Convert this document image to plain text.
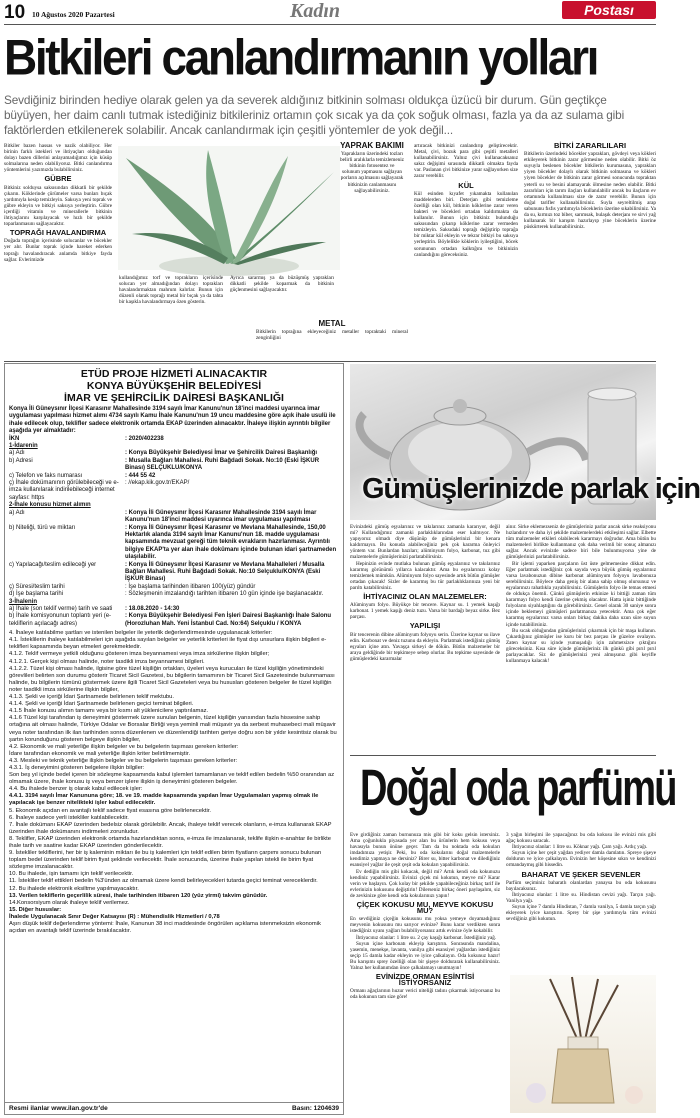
10 10 Ağustos 2020 Pazartesi	Kadın	Postası
Bitkileri canlandırmanın yolları
Sevdiğiniz birinden hediye olarak gelen ya da severek aldığınız bitkinin solması oldukça üzücü bir durum. Gün geçtikçe büyüyen, her daim canlı tutmak istediğiniz bitkileriniz ortamın çok sıcak ya da çok soğuk olması, fazla ya da az sulama gibi faktörlerden etkilenerek solabilir. Ancak canlandırmak için çeşitli yöntemler de yok değil...

Bitkiler bazen hassas ve nazik olabiliyor. Her birinin farklı istekleri ve ihtiyaçları olduğundan dolayı bazen dillerini anlayamadığımız için küsüp solmalarına neden olabiliyoruz. Bitki canlandırma yöntemlerini yazımızda bulabilirsiniz.

GÜBRE

Bitkiniz solduysa saksısından dikkatli bir şekilde çıkarın. Köklerinde çürümeler varsa bunları bıçak yardımıyla kesip temizleyin. Saksıya yeni toprak ve gübre ekleyin ve bitkiyi saksıya yerleştirin. Gübre içerdiği vitamin ve minerallerle bitkinin ihtiyaçlarını karşılayacak ve hızlı bir şekilde toparlanmasını sağlayacaktır.

TOPRAĞI HAVALANDIRMA

Doğada toprağın içerisinde solucanlar ve böcekler yer alır. Bunlar toprak içinde hareket ederken toprağı havalandıracak anlamda bitkiye fayda sağlar. Evlerimizde

kullandığımız torf ve toprakların içerisinde solucan yer almadığından dolayı toprakları havalandırmaktan mahrum kalırlar. Bunun için düzenli olarak toprağı metal bir bıçak ya da tahta bir kaşıkla havalandırmaya özen gösterin.

Ayrıca sararmış ya da büzüşmüş yaprakları dikkatli şekilde koparmak da bitkinin güçlenmesini sağlayacaktır.

YAPRAK BAKIMI

Yaprakların üzerindeki tozları belirli aralıklarla temizlemeniz bitkinin fotosentez ve solunum yapmasını sağlayan porların açılmasını sağlayarak bitkinizin canlanmasını sağlayabilirsiniz.

METAL

Bitkilerin toprağına ekleyeceğiniz metaller topraktaki mineral zenginliğini

artıracak bitkinizi canlandırıp geliştirecektir. Metal, çivi, bozuk para gibi çeşitli metalleri kullanabilirsiniz. Yalnız çivi kullanacaksanız sakız değişimi sırasında dikkatli olmakta fayda var. Paslanan çivi bitkinize yarar sağlayorken size zarar verebilir.

KÜL

Kül esinden kıyafet yıkamakta kullanılan maddelerden biri. Deterjan gibi temizleme özelliği olan kül, bitkinin köklerine zarar veren bakteri ve böcekleri ortadan kaldırmakta da kullanılır. Bunun için bitkiniz bulunduğu saksısından çıkarıp köklerine zarar vermeden temizleyin. Saksıdaki toprağı değiştirip toprağa bir miktar kül ekleyin ve tekrar bitkiyi bu saksıya yerleştirin. Böylelikle köklerin iyileştiğini, böcek sorununun ortadan kalktığını ve bitkinizin canlandığını göreceksiniz.

BİTKİ ZARARLILARI

Bitkilerin üzerindeki böcekler yaprakları, gövdeyi veya kökleri etkileyerek bitkinin zarar görmesine neden olabilir. Bitki öz suyuyla beslenen böcekler bitkilerin kurumasına, yaprakları yiyen böcekler dolaylı olarak bitkinin solmasına ve kökleri yiyen böcekler de bitkinin zarar görmesi sonucunda topraktan yeterli su ve besini alamayarak ölmesine neden olabilir. Bitki zararlıları için tarım ilaçları kullanılabilir ancak bu ilaçların ev ortamında kullanılması size de zarar verebilir. Bunun için doğal tarifler kullanabilirsiniz. Suyla seyreltilmiş arap sabununu fısfıs yardımıyla böceklerin üzerine sıkabilirsiniz. Ya da su, kırmızı toz biber, sarımsak, bulaşık deterjanı ve sirvi yağ kullanarak bir karışım hazırlayıp yine böceklerin üzerine püskürterek kullanabilirsiniz.

ETÜD PROJE HİZMETİ ALINACAKTIR
KONYA BÜYÜKŞEHİR BELEDİYESİ
İMAR VE ŞEHİRCİLİK DAİRESİ BAŞKANLIĞI
Konya İli Güneysınır İlçesi Karasınır Mahallesinde 3194 sayılı İmar Kanunu'nun 18'inci maddesi uyarınca imar uygulaması yapılması hizmet alımı 4734 sayılı Kamu İhale Kanunu'nun 19 uncu maddesine göre açık ihale usulü ile ihale edilecek olup, teklifler sadece elektronik ortamda EKAP üzerinden alınacaktır. İhaleye ilişkin ayrıntılı bilgiler aşağıda yer almaktadır:
İKN	: 2020/402238
1-İdarenin
a) Adı	: Konya Büyükşehir Belediyesi İmar ve Şehircilik Dairesi Başkanlığı
b) Adresi	: Musalla Bağları Mahallesi. Ruhi Bağdadi Sokak. No:10 (Eski İŞKUR Binası) SELÇUKLU/KONYA
c) Telefon ve faks numarası	: 444 55 42
ç) İhale dokümanının görülebileceği ve e-imza kullanılarak indirilebileceği internet sayfası: https
: //ekap.kik.gov.tr/EKAP/
2-İhale konusu hizmet alımın
a) Adı	: Konya İli Güneysınır İlçesi Karasınır Mahallesinde 3194 sayılı İmar Kanunu'nun 18'inci maddesi uyarınca imar uygulaması yapılması
b) Niteliği, türü ve miktarı	: Konya İli Güneysınır İlçesi Karasınır ve Mevlana Mahallesinde, 150,00 Hektarlık alanda 3194 sayılı İmar Kanunu'nun 18. madde uygulaması kapsamında mevzuat gereği tüm teknik evrakların hazırlanması. Ayrıntılı bilgiye EKAP'ta yer alan ihale dokümanı içinde bulunan idari şartnameden ulaşılabilir.
c) Yapılacağı/teslim edileceği yer	: Konya İli Güneysınır İlçesi Karasınır ve Mevlana Mahalleleri / Musalla Bağları Mahallesi. Ruhi Bağdadi Sokak. No:10 Selçuklu/KONYA (Eski İŞKUR Binası)
ç) Süresi/teslim tarihi	: İşe başlama tarihinden itibaren 100(yüz) gündür
d) İşe başlama tarihi	: Sözleşmenin imzalandığı tarihten itibaren 10 gün içinde işe başlanacaktır.
3-İhalenin
a) İhale (son teklif verme) tarih ve saati	: 18.08.2020 - 14:30
b) İhale komisyonunun toplantı yeri (e-tekliflerin açılacağı adres)
: Konya Büyükşehir Belediyesi Fen İşleri Dairesi Başkanlığı İhale Salonu (Horozluhan Mah. Yeni İstanbul Cad. No:64) Selçuklu / KONYA
4. İhaleye katılabilme şartları ve istenilen belgeler ile yeterlik değerlendirmesinde uygulanacak kriterler:
4.1. İsteklilerin ihaleye katılabilmeleri için aşağıda sayılan belgeler ve yeterlik kriterleri ile fiyat dışı unsurlara ilişkin bilgileri e-teklifleri kapsamında beyan etmeleri gerekmektedir.
4.1.2. Teklif vermeye yetkili olduğunu gösteren imza beyannamesi veya imza sirkülerine ilişkin bilgiler;
4.1.2.1. Gerçek kişi olması halinde, noter tasdikli imza beyannamesi bilgileri.
4.1.2.2. Tüzel kişi olması halinde, ilgisine göre tüzel kişiliğin ortakları, üyeleri veya kurucuları ile tüzel kişiliğin yönetimindeki görevlileri belirten son durumu gösterir Ticaret Sicil Gazetesi, bu bilgilerin tamamının bir Ticaret Sicil Gazetesinde bulunmaması halinde, bu bilgilerin tümünü göstermek üzere ilgili Ticaret Sicil Gazeteleri veya bu hususları gösteren belgeler ile tüzel kişiliğin noter tasdikli imza sirkülerine ilişkin bilgiler,
4.1.3. Şekli ve içeriği İdari Şartnamede belirlenen teklif mektubu.
4.1.4. Şekli ve içeriği İdari Şartnamede belirlenen geçici teminat bilgileri.
4.1.5 İhale konusu alımın tamamı veya bir kısmı alt yüklenicilere yaptırılamaz.
4.1.6 Tüzel kişi tarafından iş deneyimini göstermek üzere sunulan belgenin, tüzel kişiliğin yarısından fazla hissesine sahip ortağına ait olması halinde, Türkiye Odalar ve Borsalar Birliği veya yeminli mali müşavir ya da serbest muhasebeci mali müşavir veya noter tarafından ilk ilan tarihinden sonra düzenlenen ve düzenlendiği tarihten geriye doğru son bir yıldır kesintisiz olarak bu şartın korunduğunu gösteren belgeye ilişkin bilgiler,
4.2. Ekonomik ve mali yeterliğe ilişkin belgeler ve bu belgelerin taşıması gereken kriterler:
İdare tarafından ekonomik ve mali yeterliğe ilişkin kriter belirtilmemiştir.
4.3. Mesleki ve teknik yeterliğe ilişkin belgeler ve bu belgelerin taşıması gereken kriterler:
4.3.1. İş deneyimini gösteren belgelere ilişkin bilgiler:
Son beş yıl içinde bedel içeren bir sözleşme kapsamında kabul işlemleri tamamlanan ve teklif edilen bedelin %50 oranından az olmamak üzere, ihale konusu iş veya benzer işlere ilişkin iş deneyimini gösteren belgeler.
4.4. Bu ihalede benzer iş olarak kabul edilecek işler:
4.4.1. 3194 sayılı İmar Kanununa göre; 18. ve 19. madde kapsamında yapılan İmar Uygulamaları yapmış olmak ile yapılacak işe benzer nitelikteki işler kabul edilecektir.
5. Ekonomik açıdan en avantajlı teklif sadece fiyat esasına göre belirlenecektir.
6. İhaleye sadece yerli istekliler katılabilecektir.
7. İhale dokümanı EKAP üzerinden bedelsiz olarak görülebilir. Ancak, ihaleye teklif verecek olanların, e-imza kullanarak EKAP üzerinden ihale dokümanını indirmeleri zorunludur.
8. Teklifler, EKAP üzerinden elektronik ortamda hazırlandıktan sonra, e-imza ile imzalanarak, teklife ilişkin e-anahtar ile birlikte ihale tarih ve saatine kadar EKAP üzerinden gönderilecektir.
9. İstekliler tekliflerini, her bir iş kaleminin miktarı ile bu iş kalemleri için teklif edilen birim fiyatların çarpımı sonucu bulunan toplam bedel üzerinden teklif birim fiyat şeklinde verilecektir. İhale sonucunda, üzerine ihale yapılan istekli ile birim fiyat sözleşme imzalanacaktır.
10. Bu ihalede, işin tamamı için teklif verilecektir.
11. İstekliler teklif ettikleri bedelin %3'ünden az olmamak üzere kendi belirleyecekleri tutarda geçici teminat vereceklerdir.
12. Bu ihalede elektronik eksiltme yapılmayacaktır.
13. Verilen tekliflerin geçerlilik süresi, ihale tarihinden itibaren 120 (yüz yirmi) takvim günüdür.
14.Konsorsiyum olarak ihaleye teklif verilemez.
15. Diğer hususlar:
İhalede Uygulanacak Sınır Değer Katsayısı (R) : Mühendislik Hizmetleri / 0,78
Aşırı düşük teklif değerlendirme yöntemi: İhale, Kanunun 38 inci maddesinde öngörülen açıklama istenmeksizin ekonomik açıdan en avantajlı teklif üzerinde bırakılacaktır.
Resmi ilanlar www.ilan.gov.tr'de	Basın: 1204639
Gümüşlerinizde parlak için

Evinizdeki gümüş eşyalarınız ve takılarınız zamanla kararıyor, değil mi? Kullandığımız zamanki parlaklıklarından eser kalmıyor. Ne yapıyoruz olmadı diye düşünüp de gümüşlerinizi bir kenara kaldırmayın. Bu konuda alabileceğiniz pek çok kararma önleyici yöntem var. Bunlardan bazıları; alüminyum folyo, karbonat, tuz gibi malzemelerle gümüşlerinizi parlatabilirsiniz.

Hepinizin evinde mutlaka bulunan gümüş eşyalarınız ve takılarınız kararmış görünümü yıllarca kalacaktır. Ama bu eşyalarınızı kolay temizlemek mümkün. Alüminyum folyo sayesinde artık bütün gümüşler ortadan çıkacak! Sizler de kararmış bu tür parlaklıklarınıza yeni bir parıltı katabilirsiniz.

İHTİYACINIZ OLAN MALZEMELER:

Alüminyum folyo. Büyükçe bir tencere. Kaynar su. 1 yemek kaşığı karbonat. 1 yemek kaşığı deniz tuzu. Varsa bir bardağı beyaz sirke. Bez parçası.

YAPILIŞI

Bir tencerenin dibine alüminyum folyoyu serin. Üzerine kaynar su ilave edin. Karbonat ve deniz tuzunu da ekleyin. Parlatmak istediğiniz gümüş eşyaları içine atın. Yavaşça sirkeyi de dökün. Bütün malzemeler bir araya geldiğinde bir tepkimeye sebep olurlar. Bu tepkime sayesinde de gümüşlerdeki kararmalar

ainır. Sirke eklemezseniz de gümüşleriniz parlar ancak sirke reaksiyonu hızlandırır ve daha iyi şekilde malzemelerdeki etkileşimi sağlar. Elbette tüm malzemeler etkileri olabilecek kararmayı doğrudur. Ama bütün bu malzemeleri birlikte kullanmanız çok daha verimli bir sonuç almanızı sağlar. Ancak evinizde sadece biri bile bulunmuyorsa yine de gümüşlerinizi parlatabilirsiniz.

Bir işlemi yaparken parçaların üst üste gelmemesine dikkat edin. Eğer parlatmak istediğiniz çok sayıda veya büyük gümüş eşyalarınız varsa lavabonuzun dibine karbonat alüminyum folyoyu lavabonuza serebilirsiniz. Böylece daha geniş bir alana sahip olmuş olursunuz ve eşyalarınızı rahatlıkla yayabilirsiniz. Gümüşlerin folyo ile temas etmesi de oldukça önemli. Çünkü gümüşlerin etkinize ki bittiği zaman tüm kararmayı folyo kendi üzerine çekmiş olacaktır. Hatta işiniz bittiğinde folyoların siyahlaştığını da görebilirsiniz. Genel olarak 30 saniye sonra içinde beklemeyi gümüşleri parlatmanıza yetecektir. Ama çok eğer kararmış eşyalarınız varsa onları birkaç dakika daha uzun süre suyun içinde tutabilirsiniz.

Bu sıcak olduğundan gümüşlerinizi çıkarmak için bir maşa kullanın. Çıkardığınız gümüşler ise kuru bir bez parçası ile güzelce ovalayın. Zaten kaynar su içinde yumuşadığı için zahmetsizce çıktığını göreceksiniz. Kısa süre içinde gümüşleriniz ilk günkü gibi pırıl pırıl parlayacaklar. Siz de gümüşlerinizi yeni almışsınız gibi keyifle kullanmaya kalacak!

Doğal oda parfümü

Eve girdiğiniz zaman burnunuza mis gibi bir koku gelsin istersiniz. Ama çoğunlukla piyasada yer alan bu ürünlerin hem kokusu veya havasıyla bunun önüne geçer. Tam da bu noktada oda kokuları imdadımıza yetişir. Peki, bu oda kokularını doğal malzemelerle kendimiz yapmaya ne dersiniz? Birer su, bitter karbonat ve dilediğiniz esansiyel yağlar ile çeşit çeşit oda kokuları yapabilirsiniz.

Ev dediğin mis gibi kokacak, değil mi? Artık kendi oda kokunuzu kendiniz yapabilirsiniz. Evinizi çiçek mi kokutun, meyve mi? Karar verin ve başlayın. Çok kolay bir şekilde yapabileceğiniz birkaç tarif ile evlerinizin kokusunu değiştirin! Dilerseniz birkaç öneri paylaşalım, siz de zevkinize göre kendi oda kokularınızı yapın!

ÇİÇEK KOKUSU MU, MEYVE KOKUSU MU?

En sevdiğiniz çiçeğin kokusunu mu yoksa yemeye doyamadığınız meyvenin kokusunu mu sarıyor evinize? Bunu karar verdikten sonra istediğiniz uyanı yağları bulabiliyorsanız artık evinize öyle kokabilir.

İhtiyacınız olanlar: 1 litre su. 2 çay kaşığı karbonat. İstediğiniz yağ.

Suyun içine karbonatı ekleyip karıştırın. Sonrasında mandalina, yasemin, menekşe, lavanta, vanilya gibi esansiyel yağlardan istediğiniz seçip 15 damla kadar ekleyin ve iyice çalkalayın. Oda kokunuz hazır! Bu karışımı sprey özelliği olan bir şişeye doldurarak kullanabilirsiniz. Yalnız her kullanımdan önce çalkalamayı unutmayın!

EVİNİZDE ORMAN ESİNTİSİ İSTİYORSANIZ

Ormanı ağaçlarının huzur verici niteliği tadını çıkarmak istiyorsanız bu oda kokunun tam size göre!

3 yağın birleşimi ile yapacağınız bu oda kokusu ile evinizi mis gibi ağaç kokusu saracak.

İhtiyacınız olanlar: 1 litre su. Köknar yağı. Çam yağı. Ardıç yağı.

Suyun içine her çeşit yağdan yediyer damla damlatın. Spreye şişeye doldurun ve iyice çalkalayın. Evinizin her köşesine sıkın ve kendinizi ormandaymış gibi hissedin.

BAHARAT VE ŞEKER SEVENLER

Parfüm seçiminiz baharatlı olanlardan yanaysa bu oda kokusunu bayılacaksınız.

İhtiyacınız olanlar: 1 litre su. Hindistan cevizi yağı. Tarçın yağı. Vanilya yağı.

Suyun içine 7 damla Hindistan, 7 damla vanilya, 5 damla tarçın yağı ekleyerek iyice karıştırın. Sprey bir şişe yardımıyla tüm evinizi sevdiğiniz gibi kokutun.
